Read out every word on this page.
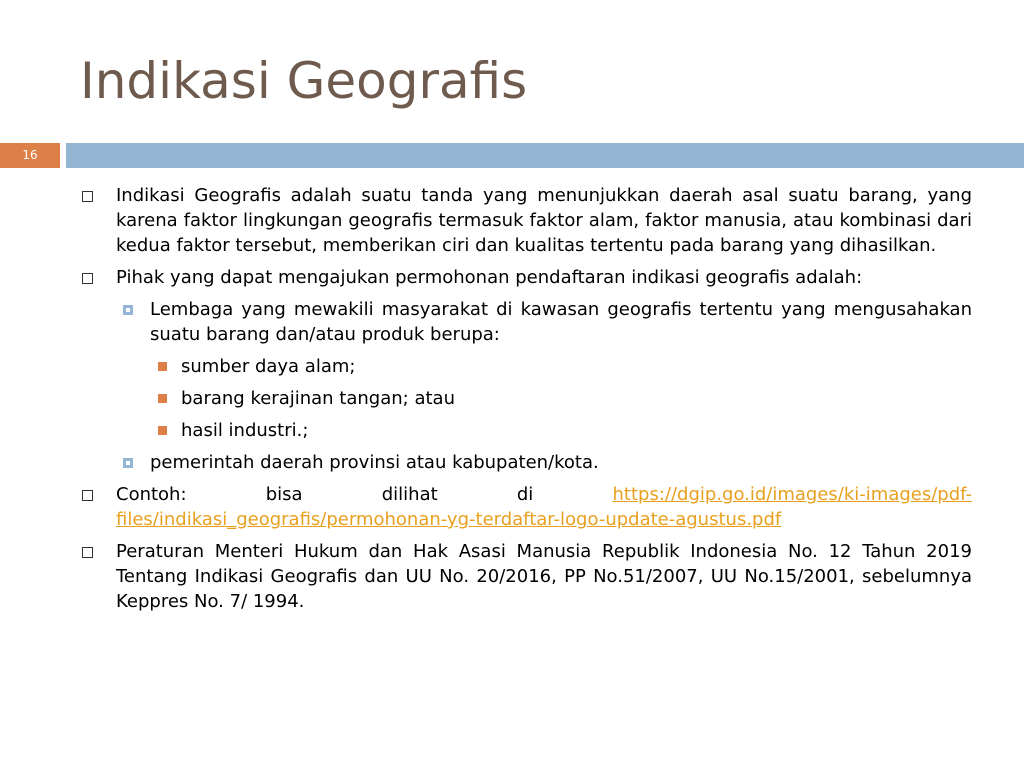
Indikasi Geografis
16
Indikasi Geografis adalah suatu tanda yang menunjukkan daerah asal suatu barang, yang karena faktor lingkungan geografis termasuk faktor alam, faktor manusia, atau kombinasi dari kedua faktor tersebut, memberikan ciri dan kualitas tertentu pada barang yang dihasilkan.
Pihak yang dapat mengajukan permohonan pendaftaran indikasi geografis adalah:
Lembaga yang mewakili masyarakat di kawasan geografis tertentu yang mengusahakan suatu barang dan/atau produk berupa:
sumber daya alam;
barang kerajinan tangan; atau
hasil industri.;
pemerintah daerah provinsi atau kabupaten/kota.
Contoh: bisa dilihat di https://dgip.go.id/images/ki-images/pdf-files/indikasi_geografis/permohonan-yg-terdaftar-logo-update-agustus.pdf
Peraturan Menteri Hukum dan Hak Asasi Manusia Republik Indonesia No. 12 Tahun 2019 Tentang Indikasi Geografis dan UU No. 20/2016, PP No.51/2007, UU No.15/2001, sebelumnya Keppres No. 7/ 1994.
